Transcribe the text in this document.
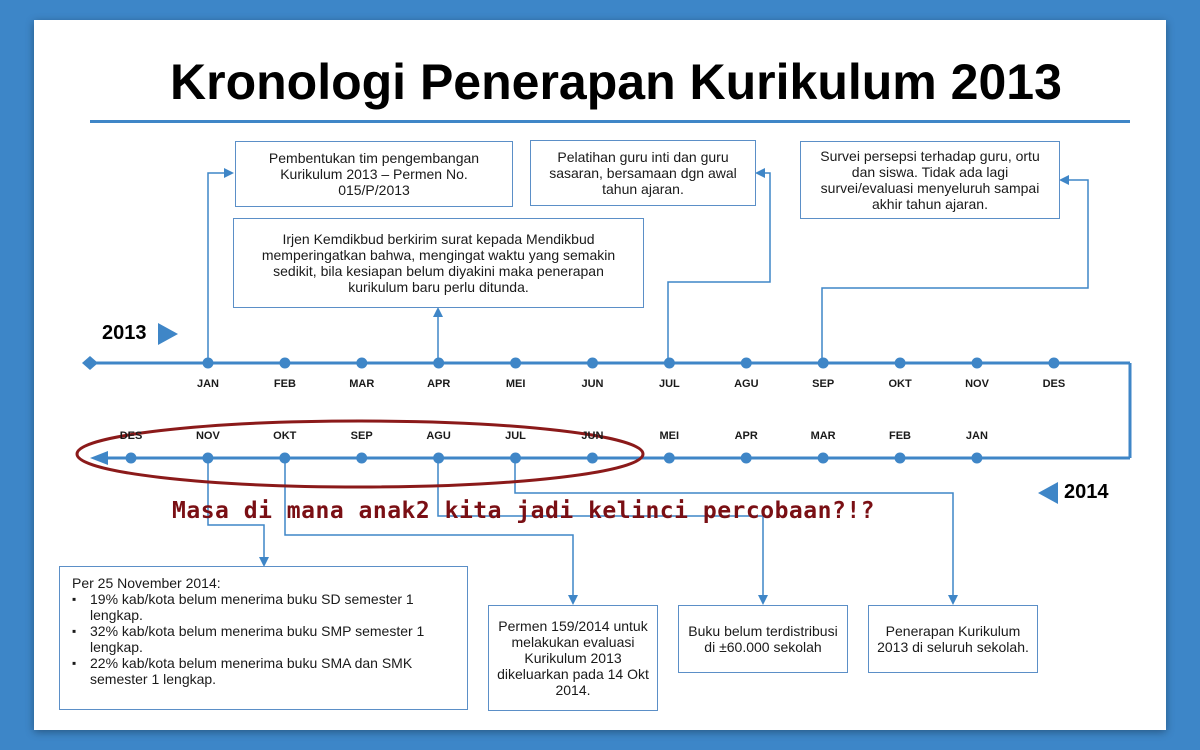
Kronologi Penerapan Kurikulum 2013
2013
2014
JAN	FEB	MAR	APR	MEI	JUN	JUL	AGU	SEP	OKT	NOV	DES
DES	NOV	OKT	SEP	AGU	JUL	JUN	MEI	APR	MAR	FEB	JAN
Pembentukan tim pengembangan Kurikulum 2013 – Permen No. 015/P/2013
Irjen Kemdikbud berkirim surat kepada Mendikbud memperingatkan bahwa, mengingat waktu yang semakin sedikit, bila kesiapan belum diyakini maka penerapan kurikulum baru perlu ditunda.
Pelatihan guru inti dan guru sasaran, bersamaan dgn awal tahun ajaran.
Survei persepsi terhadap guru, ortu dan siswa. Tidak ada lagi survei/evaluasi menyeluruh sampai akhir tahun ajaran.
Per 25 November 2014:
▪ 19% kab/kota belum menerima buku SD semester 1 lengkap.
▪ 32% kab/kota belum menerima buku SMP semester 1 lengkap.
▪ 22% kab/kota belum menerima buku SMA dan SMK semester 1 lengkap.
Permen 159/2014 untuk melakukan evaluasi Kurikulum 2013 dikeluarkan pada 14 Okt 2014.
Buku belum terdistribusi di ±60.000 sekolah
Penerapan Kurikulum 2013 di seluruh sekolah.
Masa di mana anak2 kita jadi kelinci percobaan?!?
